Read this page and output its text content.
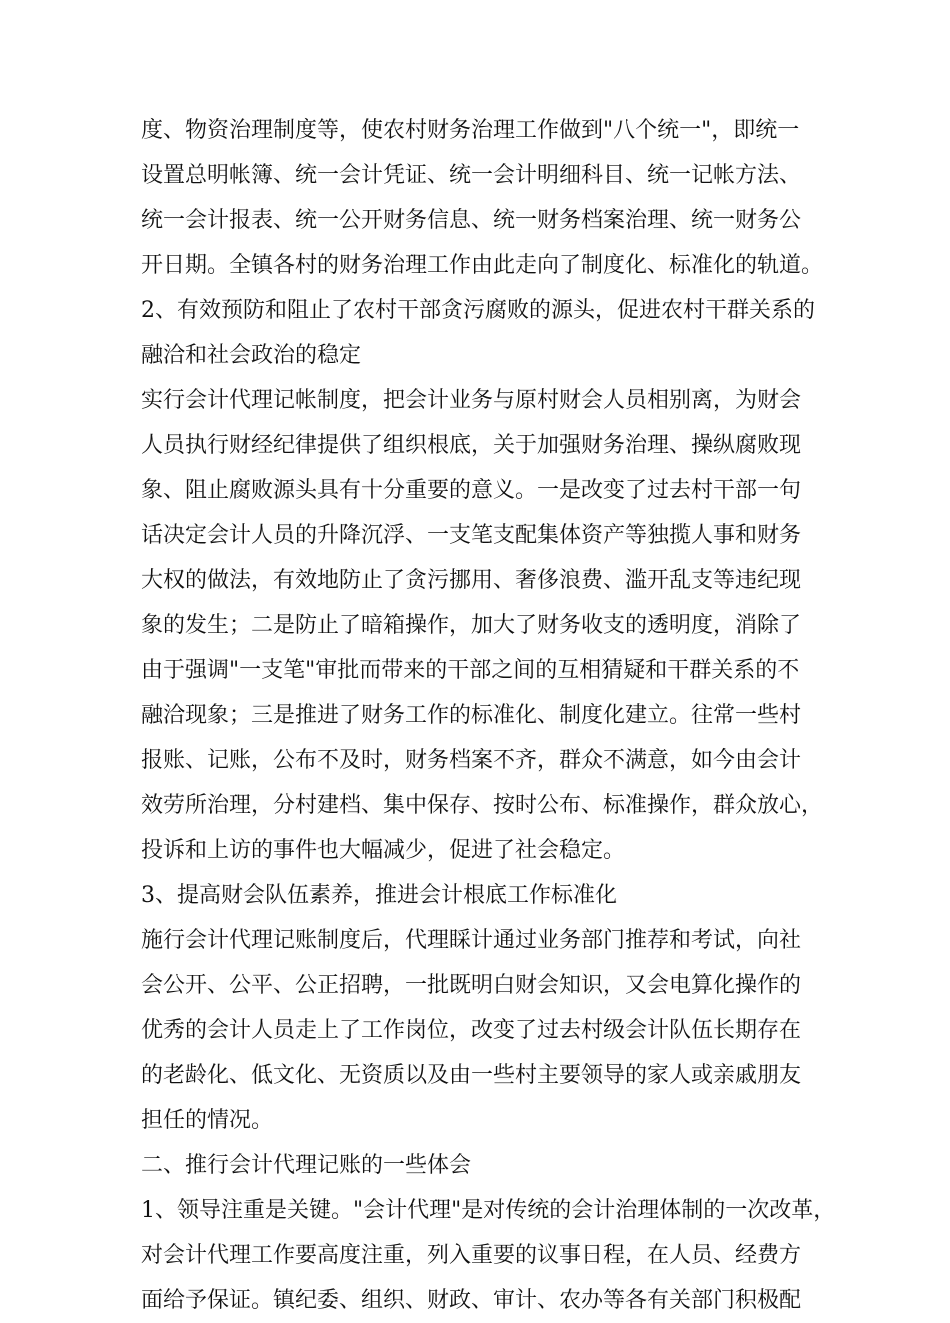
度、物资治理制度等，使农村财务治理工作做到"八个统一"，即统一
设置总明帐簿、统一会计凭证、统一会计明细科目、统一记帐方法、
统一会计报表、统一公开财务信息、统一财务档案治理、统一财务公
开日期。全镇各村的财务治理工作由此走向了制度化、标准化的轨道。
2、有效预防和阻止了农村干部贪污腐败的源头，促进农村干群关系的
融洽和社会政治的稳定
实行会计代理记帐制度，把会计业务与原村财会人员相别离，为财会
人员执行财经纪律提供了组织根底，关于加强财务治理、操纵腐败现
象、阻止腐败源头具有十分重要的意义。一是改变了过去村干部一句
话决定会计人员的升降沉浮、一支笔支配集体资产等独揽人事和财务
大权的做法，有效地防止了贪污挪用、奢侈浪费、滥开乱支等违纪现
象的发生；二是防止了暗箱操作，加大了财务收支的透明度，消除了
由于强调"一支笔"审批而带来的干部之间的互相猜疑和干群关系的不
融洽现象；三是推进了财务工作的标准化、制度化建立。往常一些村
报账、记账，公布不及时，财务档案不齐，群众不满意，如今由会计
效劳所治理，分村建档、集中保存、按时公布、标准操作，群众放心，
投诉和上访的事件也大幅减少，促进了社会稳定。
3、提高财会队伍素养，推进会计根底工作标准化
施行会计代理记账制度后，代理睬计通过业务部门推荐和考试，向社
会公开、公平、公正招聘，一批既明白财会知识，又会电算化操作的
优秀的会计人员走上了工作岗位，改变了过去村级会计队伍长期存在
的老龄化、低文化、无资质以及由一些村主要领导的家人或亲戚朋友
担任的情况。
二、推行会计代理记账的一些体会
1、领导注重是关键。"会计代理"是对传统的会计治理体制的一次改革，
对会计代理工作要高度注重，列入重要的议事日程，在人员、经费方
面给予保证。镇纪委、组织、财政、审计、农办等各有关部门积极配
